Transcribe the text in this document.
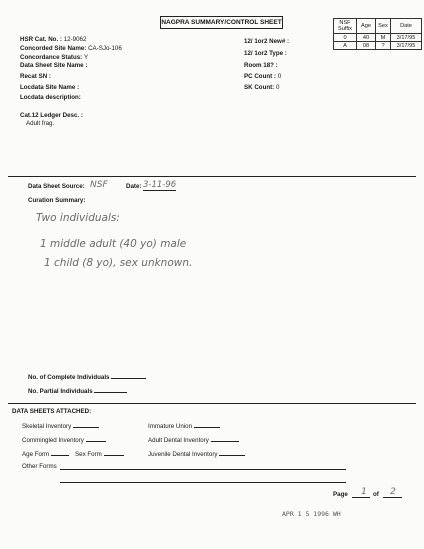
NAGPRA SUMMARY/CONTROL SHEET	NSF Suffix	Age	Sex	Date
0	40	M	3/17/95
A	08	?	3/17/95
HSR Cat. No. : 12-9062
Concorded Site Name: CA-SJo-106
Concordance Status: Y
Data Sheet Site Name :
Recat SN :
Locdata Site Name :
Locdata description:
Cat.12 Ledger Desc. :
Adult frag.
12/ 1or2 New# :
12/ 1or2 Type :
Room 18? :
PC Count : 0
SK Count: 0
Data Sheet Source: NSF	Date: 3-11-96
Curation Summary:
Two individuals:
1 middle adult (40 yo) male
1 child (8 yo), sex unknown.
No. of Complete Individuals
No. Partial Individuals
DATA SHEETS ATTACHED:
Skeletal Inventory	Immature Union
Commingled Inventory	Adult Dental Inventory
Age Form	Sex Form	Juvenile Dental Inventory
Other Forms
Page	1 of	2
APR 1 5 1996 WH
